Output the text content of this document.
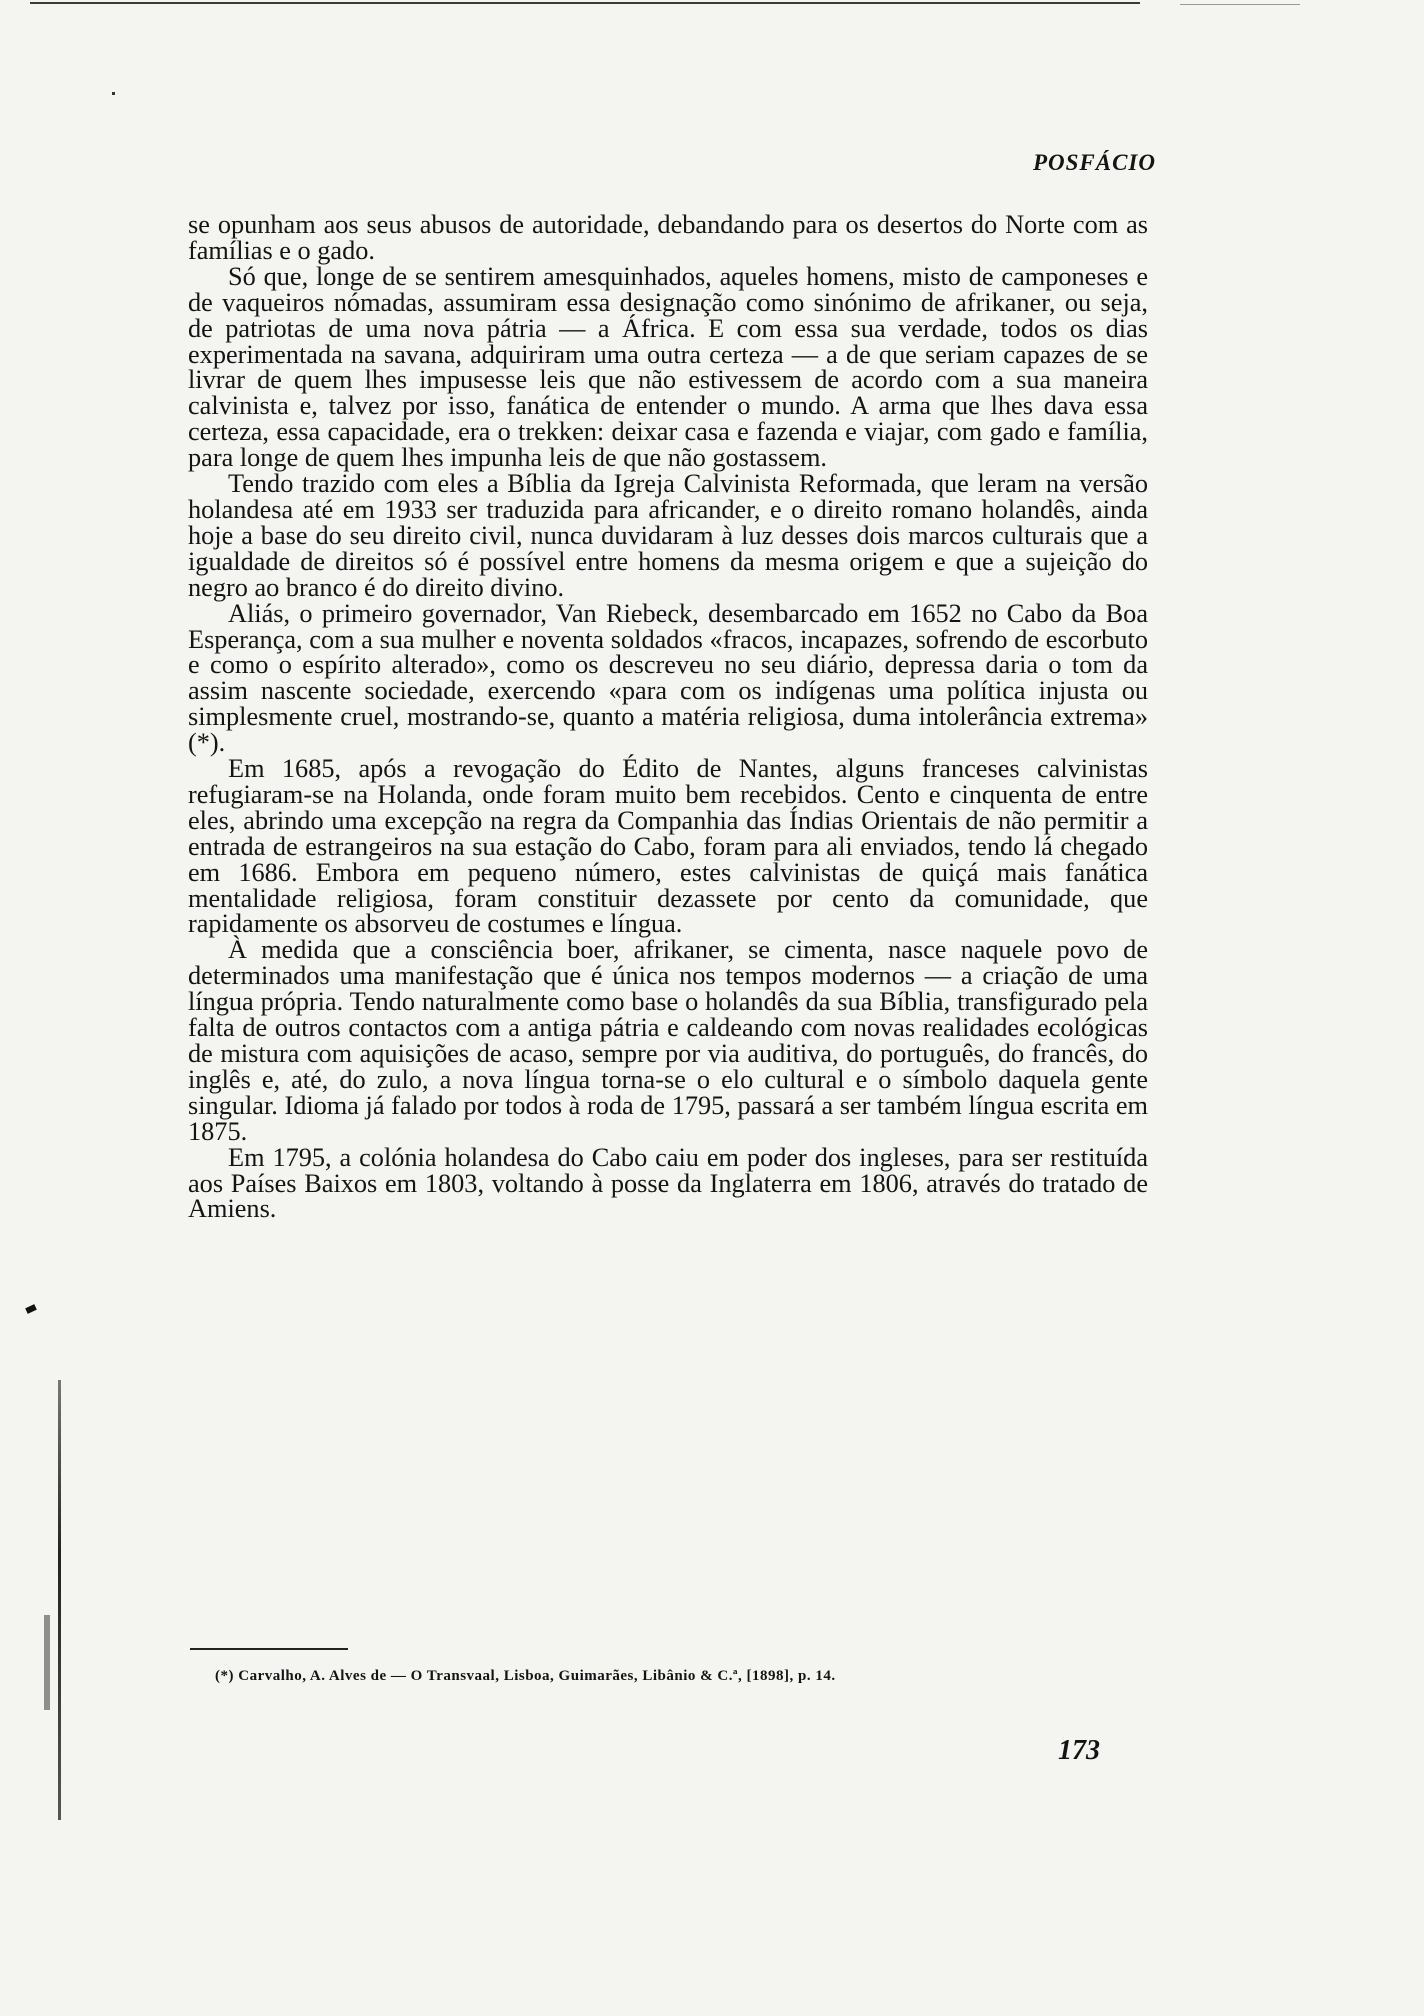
POSFÁCIO

se opunham aos seus abusos de autoridade, debandando para os desertos do Norte com as famílias e o gado.

Só que, longe de se sentirem amesquinhados, aqueles homens, misto de camponeses e de vaqueiros nómadas, assumiram essa designação como sinónimo de afrikaner, ou seja, de patriotas de uma nova pátria — a África. E com essa sua verdade, todos os dias experimentada na savana, adquiriram uma outra certeza — a de que seriam capazes de se livrar de quem lhes impusesse leis que não estivessem de acordo com a sua maneira calvinista e, talvez por isso, fanática de entender o mundo. A arma que lhes dava essa certeza, essa capacidade, era o trekken: deixar casa e fazenda e viajar, com gado e família, para longe de quem lhes impunha leis de que não gostassem.

Tendo trazido com eles a Bíblia da Igreja Calvinista Reformada, que leram na versão holandesa até em 1933 ser traduzida para africander, e o direito romano holandês, ainda hoje a base do seu direito civil, nunca duvidaram à luz desses dois marcos culturais que a igualdade de direitos só é possível entre homens da mesma origem e que a sujeição do negro ao branco é do direito divino.

Aliás, o primeiro governador, Van Riebeck, desembarcado em 1652 no Cabo da Boa Esperança, com a sua mulher e noventa soldados «fracos, incapazes, sofrendo de escorbuto e como o espírito alterado», como os descreveu no seu diário, depressa daria o tom da assim nascente sociedade, exercendo «para com os indígenas uma política injusta ou simplesmente cruel, mostrando-se, quanto a matéria religiosa, duma intolerância extrema» (*).

Em 1685, após a revogação do Édito de Nantes, alguns franceses calvinistas refugiaram-se na Holanda, onde foram muito bem recebidos. Cento e cinquenta de entre eles, abrindo uma excepção na regra da Companhia das Índias Orientais de não permitir a entrada de estrangeiros na sua estação do Cabo, foram para ali enviados, tendo lá chegado em 1686. Embora em pequeno número, estes calvinistas de quiçá mais fanática mentalidade religiosa, foram constituir dezassete por cento da comunidade, que rapidamente os absorveu de costumes e língua.

À medida que a consciência boer, afrikaner, se cimenta, nasce naquele povo de determinados uma manifestação que é única nos tempos modernos — a criação de uma língua própria. Tendo naturalmente como base o holandês da sua Bíblia, transfigurado pela falta de outros contactos com a antiga pátria e caldeando com novas realidades ecológicas de mistura com aquisições de acaso, sempre por via auditiva, do português, do francês, do inglês e, até, do zulo, a nova língua torna-se o elo cultural e o símbolo daquela gente singular. Idioma já falado por todos à roda de 1795, passará a ser também língua escrita em 1875.

Em 1795, a colónia holandesa do Cabo caiu em poder dos ingleses, para ser restituída aos Países Baixos em 1803, voltando à posse da Inglaterra em 1806, através do tratado de Amiens.

(*) Carvalho, A. Alves de — O Transvaal, Lisboa, Guimarães, Libânio & C.ª, [1898], p. 14.
173
